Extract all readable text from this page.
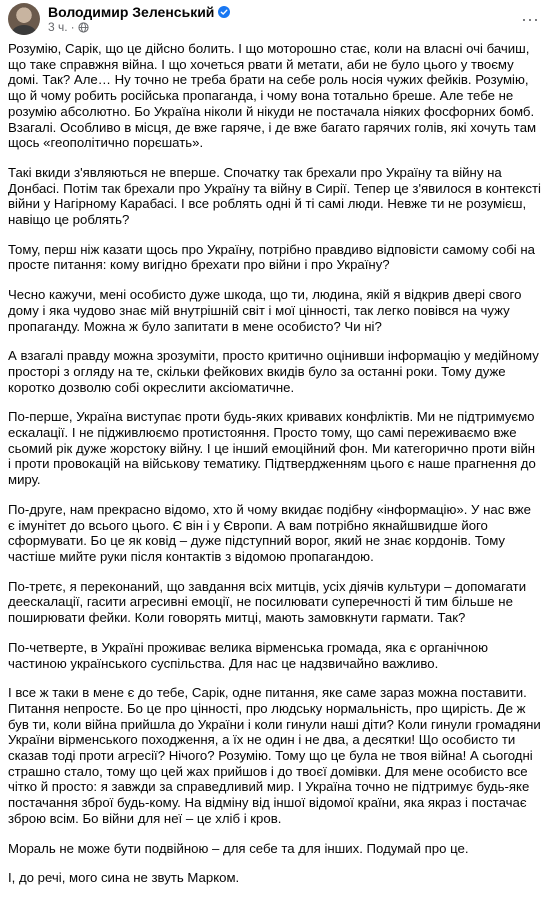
Володимир Зеленський
3 ч. ·	···

Розумію, Сарік, що це дійсно болить. І що моторошно стає, коли на власні очі бачиш, що таке справжня війна. І що хочеться рвати й метати, аби не було цього у твоєму домі. Так? Але… Ну точно не треба брати на себе роль носія чужих фейків. Розумію, що й чому робить російська пропаганда, і чому вона тотально бреше. Але тебе не розумію абсолютно. Бо Україна ніколи й нікуди не постачала ніяких фосфорних бомб. Взагалі. Особливо в місця, де вже гаряче, і де вже багато гарячих голів, які хочуть там щось «геополітично порєшать».

Такі вкиди з'являються не вперше. Спочатку так брехали про Україну та війну на Донбасі. Потім так брехали про Україну та війну в Сирії. Тепер це з'явилося в контексті війни у Нагірному Карабасі. І все роблять одні й ті самі люди. Невже ти не розумієш, навіщо це роблять?

Тому, перш ніж казати щось про Україну, потрібно правдиво відповісти самому собі на просте питання: кому вигідно брехати про війни і про Україну?

Чесно кажучи, мені особисто дуже шкода, що ти, людина, якій я відкрив двері свого дому і яка чудово знає мій внутрішній світ і мої цінності, так легко повівся на чужу пропаганду. Можна ж було запитати в мене особисто? Чи ні?

А взагалі правду можна зрозуміти, просто критично оцінивши інформацію у медійному просторі з огляду на те, скільки фейкових вкидів було за останні роки. Тому дуже коротко дозволю собі окреслити аксіоматичне.

По-перше, Україна виступає проти будь-яких кривавих конфліктів. Ми не підтримуємо ескалації. І не підживлюємо протистояння. Просто тому, що самі переживаємо вже сьомий рік дуже жорстоку війну. І це інший емоційний фон. Ми категорично проти війн і проти провокацій на військову тематику. Підтвердженням цього є наше прагнення до миру.

По-друге, нам прекрасно відомо, хто й чому вкидає подібну «інформацію». У нас вже є імунітет до всього цього. Є він і у Європи. А вам потрібно якнайшвидше його сформувати. Бо це як ковід – дуже підступний ворог, який не знає кордонів. Тому частіше мийте руки після контактів з відомою пропагандою.

По-третє, я переконаний, що завдання всіх митців, усіх діячів культури – допомагати деескалації, гасити агресивні емоції, не посилювати суперечності й тим більше не поширювати фейки. Коли говорять митці, мають замовкнути гармати. Так?

По-четверте, в Україні проживає велика вірменська громада, яка є органічною частиною українського суспільства. Для нас це надзвичайно важливо.

І все ж таки в мене є до тебе, Сарік, одне питання, яке саме зараз можна поставити. Питання непросте. Бо це про цінності, про людську нормальність, про щирість. Де ж був ти, коли війна прийшла до України і коли гинули наші діти? Коли гинули громадяни України вірменського походження, а їх не один і не два, а десятки! Що особисто ти сказав тоді проти агресії? Нічого? Розумію. Тому що це була не твоя війна! А сьогодні страшно стало, тому що цей жах прийшов і до твоєї домівки. Для мене особисто все чітко й просто: я завжди за справедливий мир. І Україна точно не підтримує будь-яке постачання зброї будь-кому. На відміну від іншої відомої країни, яка якраз і постачає зброю всім. Бо війни для неї – це хліб і кров.

Мораль не може бути подвійною – для себе та для інших. Подумай про це.

І, до речі, мого сина не звуть Марком.
